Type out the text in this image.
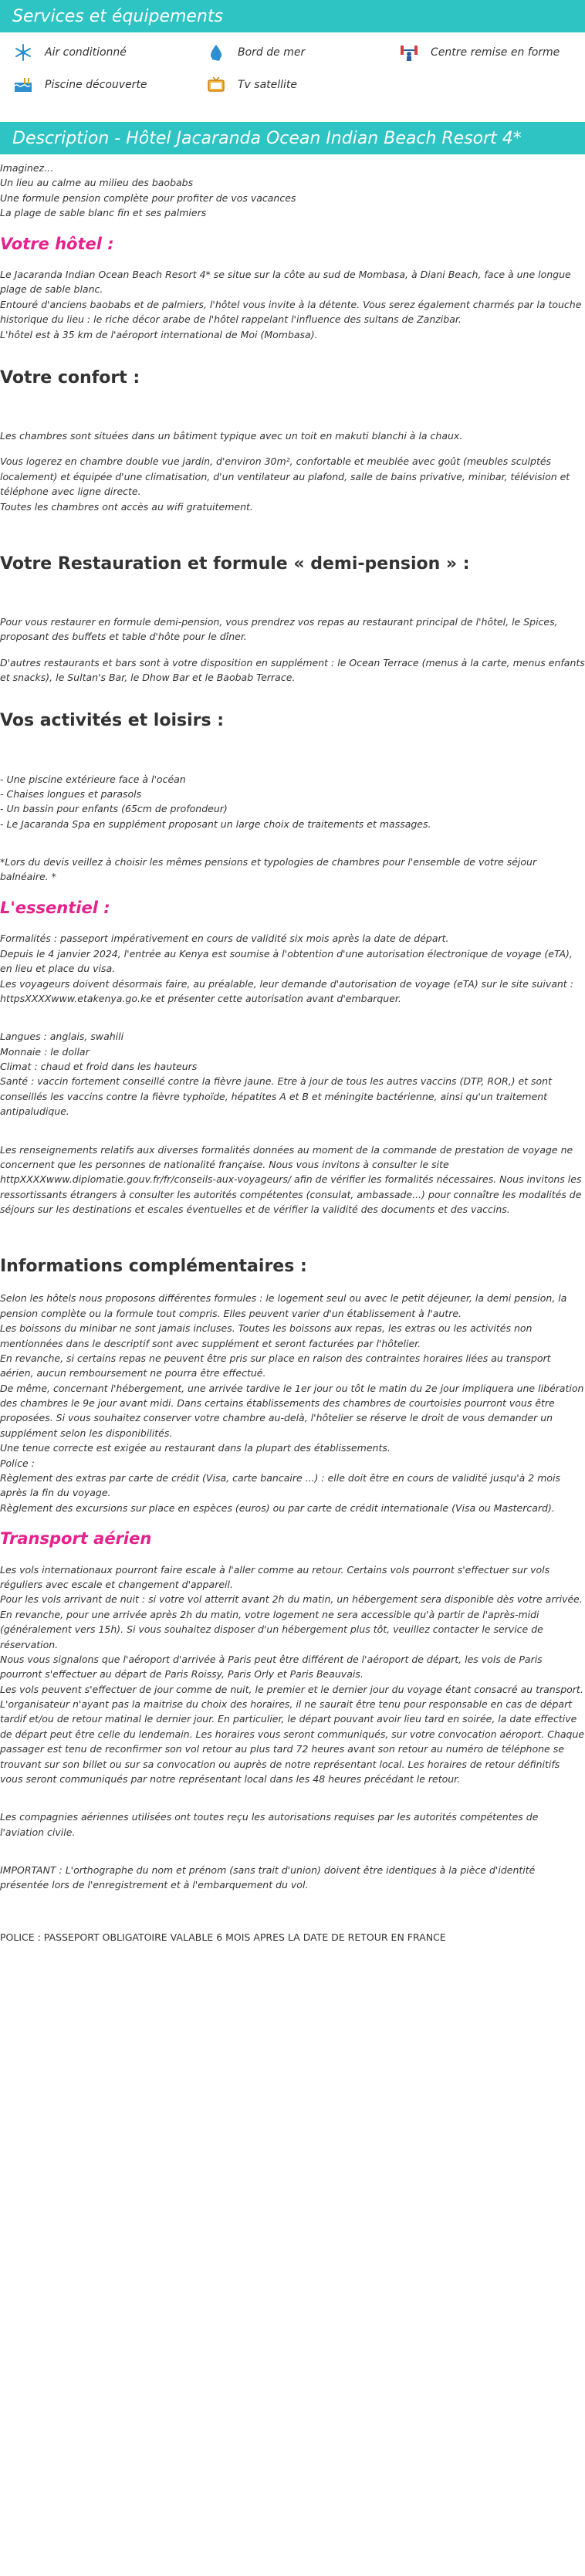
Services et équipements
Air conditionné	Bord de mer	Centre remise en forme
Piscine découverte	Tv satellite
Description - Hôtel Jacaranda Ocean Indian Beach Resort 4*

Imaginez…

Un lieu au calme au milieu des baobabs

Une formule pension complète pour profiter de vos vacances

La plage de sable blanc fin et ses palmiers

Votre hôtel :

Le Jacaranda Indian Ocean Beach Resort 4* se situe sur la côte au sud de Mombasa, à Diani Beach, face à une longue plage de sable blanc.

Entouré d'anciens baobabs et de palmiers, l'hôtel vous invite à la détente. Vous serez également charmés par la touche historique du lieu : le riche décor arabe de l'hôtel rappelant l'influence des sultans de Zanzibar.

L'hôtel est à 35 km de l'aéroport international de Moi (Mombasa).

Votre confort :

Les chambres sont situées dans un bâtiment typique avec un toit en makuti blanchi à la chaux.

Vous logerez en chambre double vue jardin, d'environ 30m², confortable et meublée avec goût (meubles sculptés localement) et équipée d'une climatisation, d'un ventilateur au plafond, salle de bains privative, minibar, télévision et téléphone avec ligne directe.

Toutes les chambres ont accès au wifi gratuitement.

Votre Restauration et formule « demi-pension » :

Pour vous restaurer en formule demi-pension, vous prendrez vos repas au restaurant principal de l'hôtel, le Spices, proposant des buffets et table d'hôte pour le dîner.

D'autres restaurants et bars sont à votre disposition en supplément : le Ocean Terrace (menus à la carte, menus enfants et snacks), le Sultan's Bar, le Dhow Bar et le Baobab Terrace.

Vos activités et loisirs :
- Une piscine extérieure face à l'océan
- Chaises longues et parasols
- Un bassin pour enfants (65cm de profondeur)
- Le Jacaranda Spa en supplément proposant un large choix de traitements et massages.

*Lors du devis veillez à choisir les mêmes pensions et typologies de chambres pour l'ensemble de votre séjour balnéaire. *

L'essentiel :

Formalités : passeport impérativement en cours de validité six mois après la date de départ.

Depuis le 4 janvier 2024, l'entrée au Kenya est soumise à l'obtention d'une autorisation électronique de voyage (eTA), en lieu et place du visa.

Les voyageurs doivent désormais faire, au préalable, leur demande d'autorisation de voyage (eTA) sur le site suivant : httpsXXXXwww.etakenya.go.ke et présenter cette autorisation avant d'embarquer.

Langues : anglais, swahili

Monnaie : le dollar

Climat : chaud et froid dans les hauteurs

Santé : vaccin fortement conseillé contre la fièvre jaune. Etre à jour de tous les autres vaccins (DTP, ROR,) et sont conseillés les vaccins contre la fièvre typhoïde, hépatites A et B et méningite bactérienne, ainsi qu'un traitement antipaludique.

Les renseignements relatifs aux diverses formalités données au moment de la commande de prestation de voyage ne concernent que les personnes de nationalité française. Nous vous invitons à consulter le site httpXXXXwww.diplomatie.gouv.fr/fr/conseils-aux-voyageurs/ afin de vérifier les formalités nécessaires. Nous invitons les ressortissants étrangers à consulter les autorités compétentes (consulat, ambassade...) pour connaître les modalités de séjours sur les destinations et escales éventuelles et de vérifier la validité des documents et des vaccins.

Informations complémentaires :

Selon les hôtels nous proposons différentes formules : le logement seul ou avec le petit déjeuner, la demi pension, la pension complète ou la formule tout compris. Elles peuvent varier d'un établissement à l'autre.

Les boissons du minibar ne sont jamais incluses. Toutes les boissons aux repas, les extras ou les activités non mentionnées dans le descriptif sont avec supplément et seront facturées par l'hôtelier.

En revanche, si certains repas ne peuvent être pris sur place en raison des contraintes horaires liées au transport aérien, aucun remboursement ne pourra être effectué.

De même, concernant l'hébergement, une arrivée tardive le 1er jour ou tôt le matin du 2e jour impliquera une libération des chambres le 9e jour avant midi. Dans certains établissements des chambres de courtoisies pourront vous être proposées. Si vous souhaitez conserver votre chambre au-delà, l'hôtelier se réserve le droit de vous demander un supplément selon les disponibilités.

Une tenue correcte est exigée au restaurant dans la plupart des établissements.

Police :

Règlement des extras par carte de crédit (Visa, carte bancaire ...) : elle doit être en cours de validité jusqu'à 2 mois après la fin du voyage.

Règlement des excursions sur place en espèces (euros) ou par carte de crédit internationale (Visa ou Mastercard).

Transport aérien

Les vols internationaux pourront faire escale à l'aller comme au retour. Certains vols pourront s'effectuer sur vols réguliers avec escale et changement d'appareil.

Pour les vols arrivant de nuit : si votre vol atterrit avant 2h du matin, un hébergement sera disponible dès votre arrivée. En revanche, pour une arrivée après 2h du matin, votre logement ne sera accessible qu'à partir de l'après-midi (généralement vers 15h). Si vous souhaitez disposer d'un hébergement plus tôt, veuillez contacter le service de réservation.

Nous vous signalons que l'aéroport d'arrivée à Paris peut être différent de l'aéroport de départ, les vols de Paris pourront s'effectuer au départ de Paris Roissy, Paris Orly et Paris Beauvais.

Les vols peuvent s'effectuer de jour comme de nuit, le premier et le dernier jour du voyage étant consacré au transport. L'organisateur n'ayant pas la maitrise du choix des horaires, il ne saurait être tenu pour responsable en cas de départ tardif et/ou de retour matinal le dernier jour. En particulier, le départ pouvant avoir lieu tard en soirée, la date effective de départ peut être celle du lendemain. Les horaires vous seront communiqués, sur votre convocation aéroport. Chaque passager est tenu de reconfirmer son vol retour au plus tard 72 heures avant son retour au numéro de téléphone se trouvant sur son billet ou sur sa convocation ou auprès de notre représentant local. Les horaires de retour définitifs vous seront communiqués par notre représentant local dans les 48 heures précédant le retour.

Les compagnies aériennes utilisées ont toutes reçu les autorisations requises par les autorités compétentes de l'aviation civile.

IMPORTANT : L'orthographe du nom et prénom (sans trait d'union) doivent être identiques à la pièce d'identité présentée lors de l'enregistrement et à l'embarquement du vol.

POLICE : PASSEPORT OBLIGATOIRE VALABLE 6 MOIS APRES LA DATE DE RETOUR EN FRANCE
